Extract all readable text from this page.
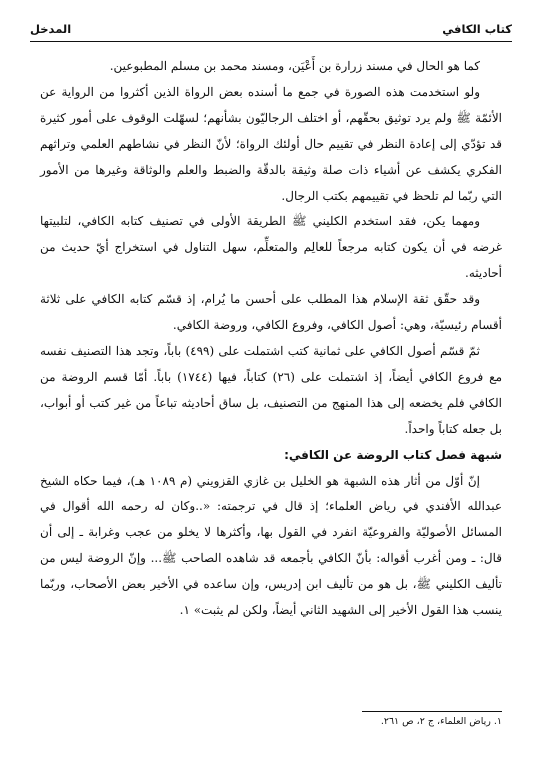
كتاب الكافي
المدخل

كما هو الحال في مسند زرارة بن أَعْيَن، ومسند محمد بن مسلم المطبوعين.

ولو استخدمت هذه الصورة في جمع ما أسنده بعض الرواة الذين أكثروا من الرواية عن الأئمّة ﷺ ولم يرد توثيق بحقّهم، أو اختلف الرجاليّون بشأنهم؛ لسهّلت الوقوف على أمور كثيرة قد تؤدّي إلى إعادة النظر في تقييم حال أولئك الرواة؛ لأنّ النظر في نشاطهم العلمي وتراثهم الفكري يكشف عن أشياء ذات صلة وثيقة بالدقّة والضبط والعلم والوثاقة وغيرها من الأمور التي ربّما لم تلحظ في تقييمهم بكتب الرجال.

ومهما يكن، فقد استخدم الكليني ﷺ الطريقة الأولى في تصنيف كتابه الكافي، لتلبيتها غرضه في أن يكون كتابه مرجعاً للعالِم والمتعلِّم، سهل التناول في استخراج أيّ حديث من أحاديثه.

وقد حقّق ثقة الإسلام هذا المطلب على أحسن ما يُرام، إذ قسّم كتابه الكافي على ثلاثة أقسام رئيسيّة، وهي: أصول الكافي، وفروع الكافي، وروضة الكافي.

ثمّ قسّم أصول الكافي على ثمانية كتب اشتملت على (٤٩٩) باباً، وتجد هذا التصنيف نفسه مع فروع الكافي أيضاً، إذ اشتملت على (٢٦) كتاباً، فيها (١٧٤٤) باباً. أمّا قسم الروضة من الكافي فلم يخضعه إلى هذا المنهج من التصنيف، بل ساق أحاديثه تباعاً من غير كتب أو أبواب، بل جعله كتاباً واحداً.

شبهة فصل كتاب الروضة عن الكافي:

إنّ أوّل من أثار هذه الشبهة هو الخليل بن غازي القزويني (م ١٠٨٩ هـ)، فيما حكاه الشيخ عبدالله الأفندي في رياض العلماء؛ إذ قال في ترجمته: «..وكان له رحمه الله أقوال في المسائل الأصوليّة والفروعيّة انفرد في القول بها، وأكثرها لا يخلو من عجب وغرابة ـ إلى أن قال: ـ ومن أغرب أقواله: بأنّ الكافي بأجمعه قد شاهده الصاحب ﷺ... وإنّ الروضة ليس من تأليف الكليني ﷺ، بل هو من تأليف ابن إدريس، وإن ساعده في الأخير بعض الأصحاب، وربّما ينسب هذا القول الأخير إلى الشهيد الثاني أيضاً، ولكن لم يثبت» ١.

١. رياض العلماء، ج ٢، ص ٢٦١.
